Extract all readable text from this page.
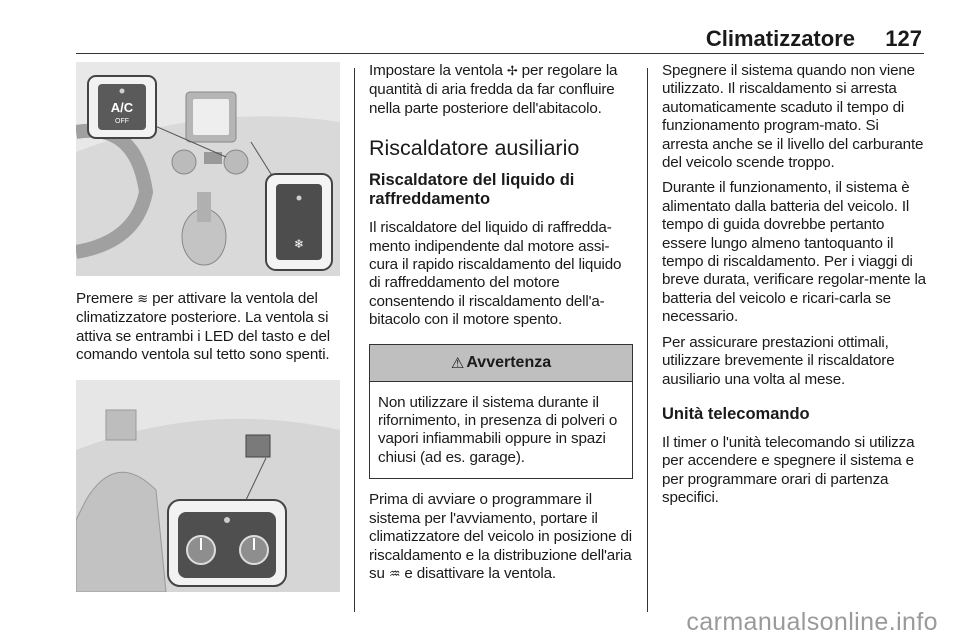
Climatizzatore 127
A/C
OFF
❄

Premere ≋ per attivare la ventola del climatizzatore posteriore. La ventola si attiva se entrambi i LED del tasto e del comando ventola sul tetto sono spenti.

Impostare la ventola ✢ per regolare la quantità di aria fredda da far confluire nella parte posteriore dell'abitacolo.

Riscaldatore ausiliario
Riscaldatore del liquido di raffreddamento

Il riscaldatore del liquido di raffredda-mento indipendente dal motore assi-cura il rapido riscaldamento del liquido di raffreddamento del motore consentendo il riscaldamento dell'a-bitacolo con il motore spento.

⚠ Avvertenza

Non utilizzare il sistema durante il rifornimento, in presenza di polveri o vapori infiammabili oppure in spazi chiusi (ad es. garage).

Prima di avviare o programmare il sistema per l'avviamento, portare il climatizzatore del veicolo in posizione di riscaldamento e la distribuzione dell'aria su ♒ e disattivare la ventola.

Spegnere il sistema quando non viene utilizzato. Il riscaldamento si arresta automaticamente scaduto il tempo di funzionamento program-mato. Si arresta anche se il livello del carburante del veicolo scende troppo.

Durante il funzionamento, il sistema è alimentato dalla batteria del veicolo. Il tempo di guida dovrebbe pertanto essere lungo almeno tantoquanto il tempo di riscaldamento. Per i viaggi di breve durata, verificare regolar-mente la batteria del veicolo e ricari-carla se necessario.

Per assicurare prestazioni ottimali, utilizzare brevemente il riscaldatore ausiliario una volta al mese.

Unità telecomando

Il timer o l'unità telecomando si utilizza per accendere e spegnere il sistema e per programmare orari di partenza specifici.

carmanualsonline.info
